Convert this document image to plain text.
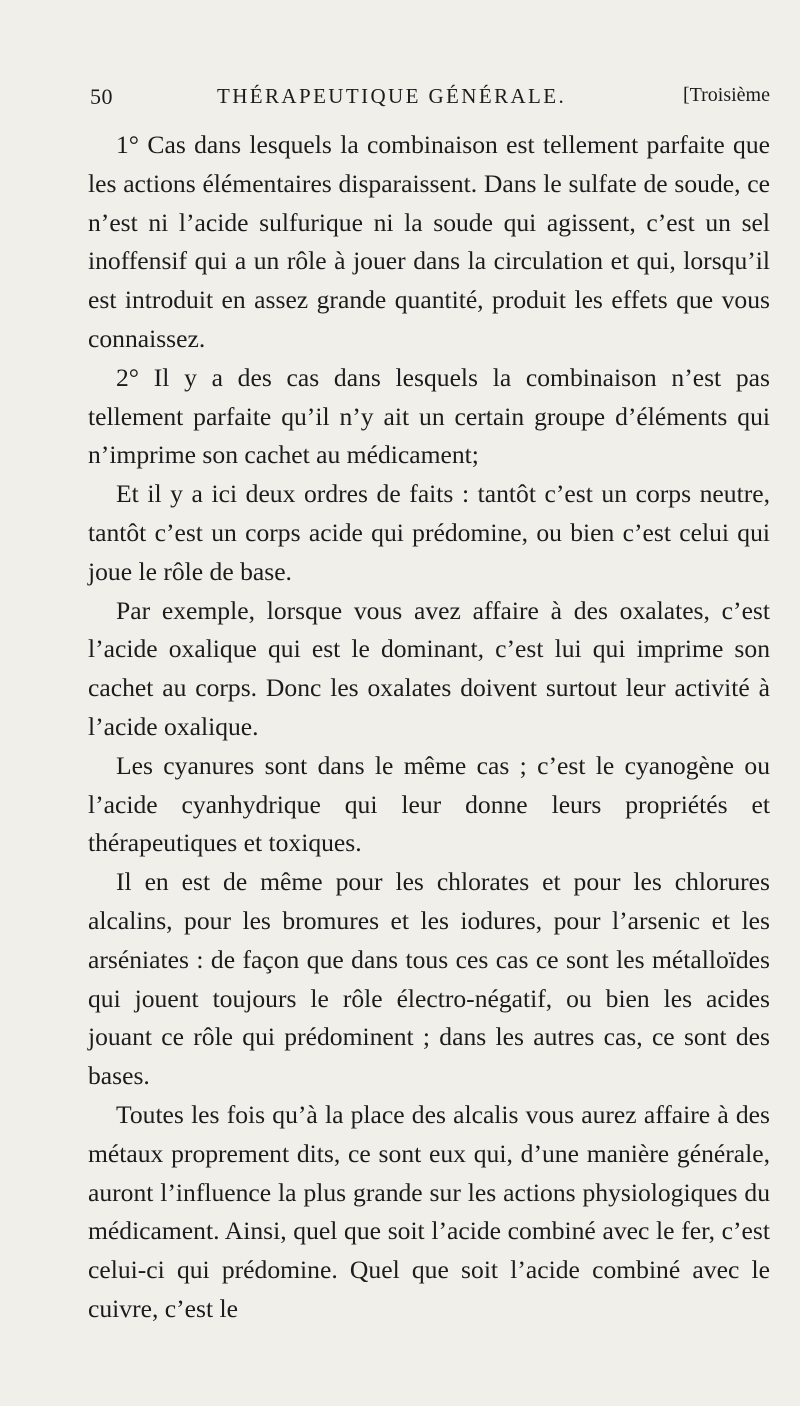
50	THÉRAPEUTIQUE GÉNÉRALE.	[Troisième

1° Cas dans lesquels la combinaison est tellement parfaite que les actions élémentaires disparaissent. Dans le sulfate de soude, ce n’est ni l’acide sulfurique ni la soude qui agissent, c’est un sel inoffensif qui a un rôle à jouer dans la circulation et qui, lorsqu’il est introduit en assez grande quantité, produit les effets que vous connaissez.

2° Il y a des cas dans lesquels la combinaison n’est pas tellement parfaite qu’il n’y ait un certain groupe d’éléments qui n’imprime son cachet au médicament;

Et il y a ici deux ordres de faits : tantôt c’est un corps neutre, tantôt c’est un corps acide qui prédomine, ou bien c’est celui qui joue le rôle de base.

Par exemple, lorsque vous avez affaire à des oxalates, c’est l’acide oxalique qui est le dominant, c’est lui qui imprime son cachet au corps. Donc les oxalates doivent surtout leur activité à l’acide oxalique.

Les cyanures sont dans le même cas ; c’est le cyanogène ou l’acide cyanhydrique qui leur donne leurs propriétés et thérapeutiques et toxiques.

Il en est de même pour les chlorates et pour les chlorures alcalins, pour les bromures et les iodures, pour l’arsenic et les arséniates : de façon que dans tous ces cas ce sont les métalloïdes qui jouent toujours le rôle électro-négatif, ou bien les acides jouant ce rôle qui prédominent ; dans les autres cas, ce sont des bases.

Toutes les fois qu’à la place des alcalis vous aurez affaire à des métaux proprement dits, ce sont eux qui, d’une manière générale, auront l’influence la plus grande sur les actions physiologiques du médicament. Ainsi, quel que soit l’acide combiné avec le fer, c’est celui-ci qui prédomine. Quel que soit l’acide combiné avec le cuivre, c’est le
